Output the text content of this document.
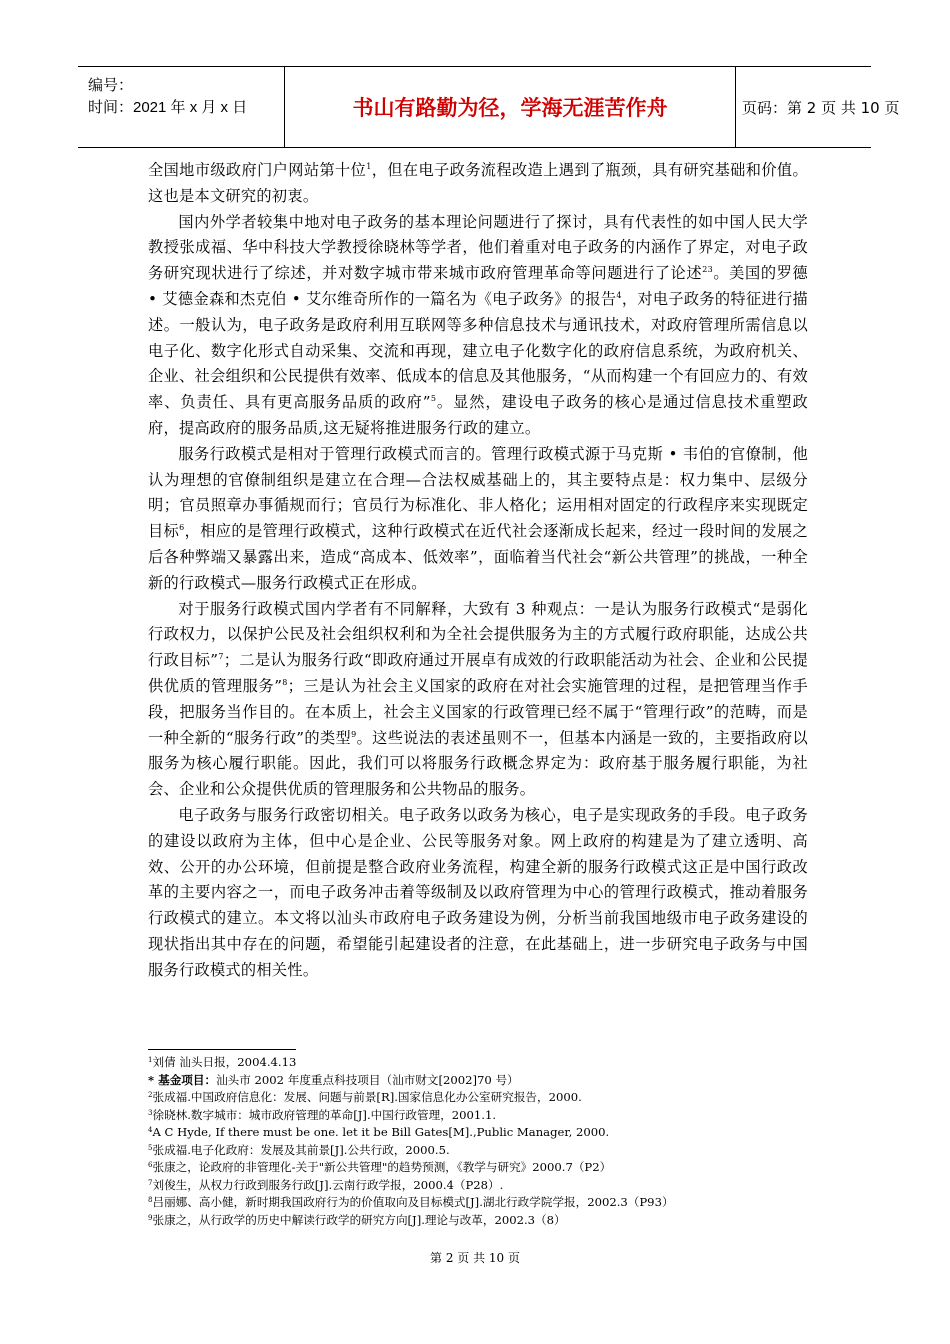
编号：
时间：2021 年 x 月 x 日	书山有路勤为径，学海无涯苦作舟	页码：第 2 页 共 10 页

全国地市级政府门户网站第十位$^1$，但在电子政务流程改造上遇到了瓶颈，具有研究基础和价值。这也是本文研究的初衷。

国内外学者较集中地对电子政务的基本理论问题进行了探讨，具有代表性的如中国人民大学教授张成福、华中科技大学教授徐晓林等学者，他们着重对电子政务的内涵作了界定，对电子政务研究现状进行了综述，并对数字城市带来城市政府管理革命等问题进行了论述$^{23}$。美国的罗德 • 艾德金森和杰克伯 • 艾尔维奇所作的一篇名为《电子政务》的报告$^4$，对电子政务的特征进行描述。一般认为，电子政务是政府利用互联网等多种信息技术与通讯技术，对政府管理所需信息以电子化、数字化形式自动采集、交流和再现，建立电子化数字化的政府信息系统，为政府机关、企业、社会组织和公民提供有效率、低成本的信息及其他服务，“从而构建一个有回应力的、有效率、负责任、具有更高服务品质的政府”$^5$。显然，建设电子政务的核心是通过信息技术重塑政府，提高政府的服务品质,这无疑将推进服务行政的建立。

服务行政模式是相对于管理行政模式而言的。管理行政模式源于马克斯 • 韦伯的官僚制，他认为理想的官僚制组织是建立在合理—合法权威基础上的，其主要特点是：权力集中、层级分明；官员照章办事循规而行；官员行为标准化、非人格化；运用相对固定的行政程序来实现既定目标$^6$，相应的是管理行政模式，这种行政模式在近代社会逐渐成长起来，经过一段时间的发展之后各种弊端又暴露出来，造成“高成本、低效率”，面临着当代社会“新公共管理”的挑战，一种全新的行政模式—服务行政模式正在形成。

对于服务行政模式国内学者有不同解释，大致有 3 种观点：一是认为服务行政模式“是弱化行政权力，以保护公民及社会组织权利和为全社会提供服务为主的方式履行政府职能，达成公共行政目标”$^7$；二是认为服务行政“即政府通过开展卓有成效的行政职能活动为社会、企业和公民提供优质的管理服务”$^8$；三是认为社会主义国家的政府在对社会实施管理的过程，是把管理当作手段，把服务当作目的。在本质上，社会主义国家的行政管理已经不属于“管理行政”的范畴，而是一种全新的“服务行政”的类型$^9$。这些说法的表述虽则不一，但基本内涵是一致的，主要指政府以服务为核心履行职能。因此，我们可以将服务行政概念界定为：政府基于服务履行职能，为社会、企业和公众提供优质的管理服务和公共物品的服务。

电子政务与服务行政密切相关。电子政务以政务为核心，电子是实现政务的手段。电子政务的建设以政府为主体，但中心是企业、公民等服务对象。网上政府的构建是为了建立透明、高效、公开的办公环境，但前提是整合政府业务流程，构建全新的服务行政模式这正是中国行政改革的主要内容之一，而电子政务冲击着等级制及以政府管理为中心的管理行政模式，推动着服务行政模式的建立。本文将以汕头市政府电子政务建设为例，分析当前我国地级市电子政务建设的现状指出其中存在的问题，希望能引起建设者的注意，在此基础上，进一步研究电子政务与中国服务行政模式的相关性。

$^1$刘倩 汕头日报，2004.4.13
* 基金项目：汕头市 2002 年度重点科技项目（汕市财文[2002]70 号）
$^2$张成福.中国政府信息化：发展、问题与前景[R].国家信息化办公室研究报告，2000.
$^3$徐晓林.数字城市：城市政府管理的革命[J].中国行政管理，2001.1.
$^4$A C Hyde, If there must be one. let it be Bill Gates[M].,Public Manager, 2000.
$^5$张成福.电子化政府：发展及其前景[J].公共行政，2000.5.
$^6$张康之，论政府的非管理化-关于"新公共管理"的趋势预测，《教学与研究》2000.7（P2）
$^7$刘俊生，从权力行政到服务行政[J].云南行政学报，2000.4（P28）.
$^8$吕丽娜、高小健，新时期我国政府行为的价值取向及目标模式[J].湖北行政学院学报，2002.3（P93）
$^9$张康之，从行政学的历史中解读行政学的研究方向[J].理论与改革，2002.3（8）
第 2 页 共 10 页
